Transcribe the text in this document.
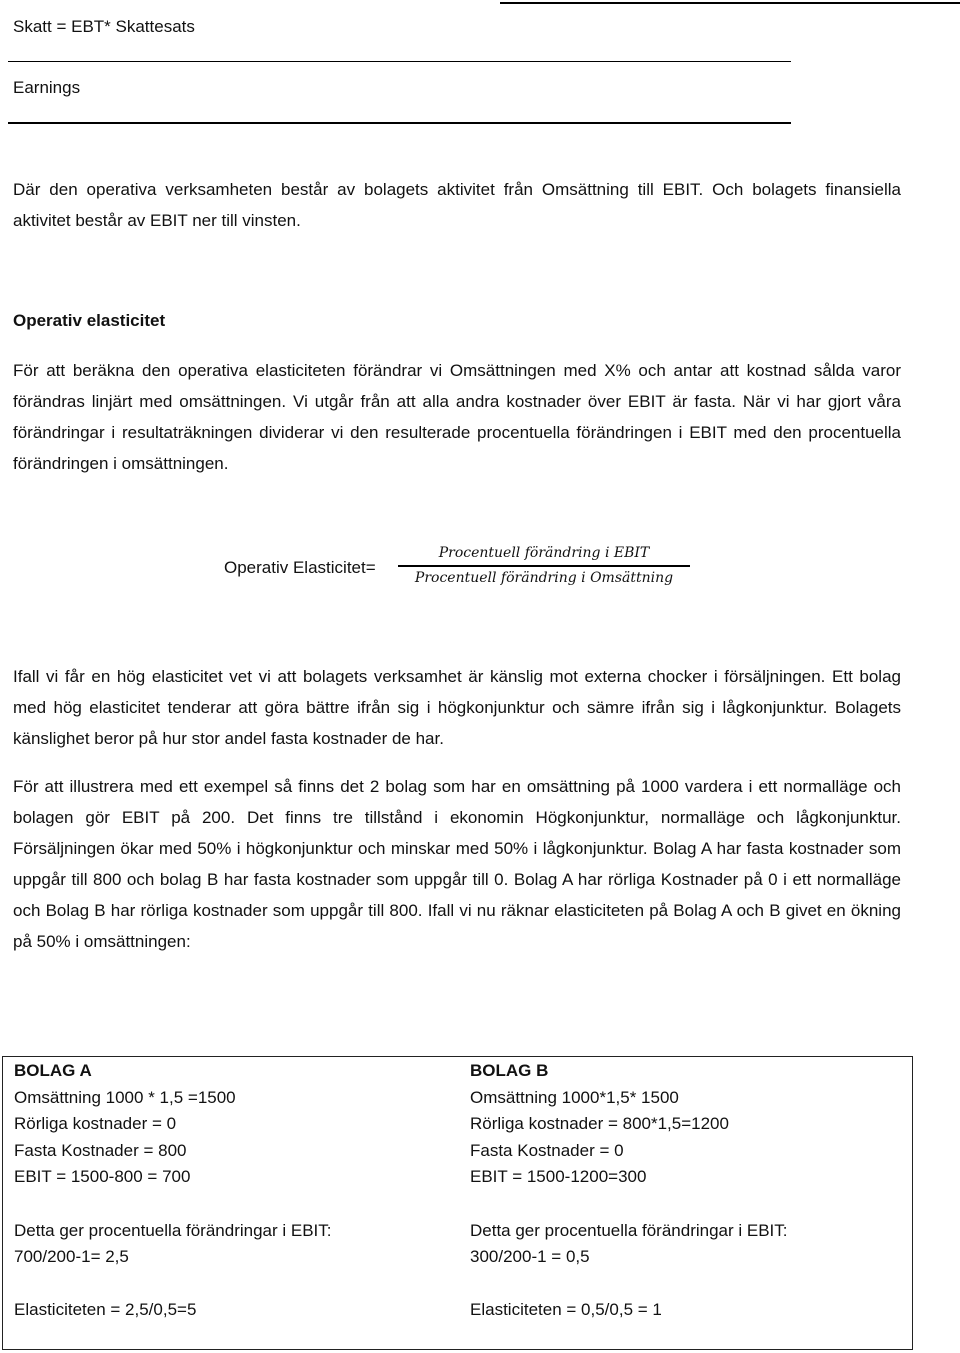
Skatt = EBT* Skattesats
Earnings

Där den operativa verksamheten består av bolagets aktivitet från Omsättning till EBIT. Och bolagets finansiella aktivitet består av EBIT ner till vinsten.

Operativ elasticitet

För att beräkna den operativa elasticiteten förändrar vi Omsättningen med X% och antar att kostnad sålda varor förändras linjärt med omsättningen. Vi utgår från att alla andra kostnader över EBIT är fasta. När vi har gjort våra förändringar i resultaträkningen dividerar vi den resulterade procentuella förändringen i EBIT med den procentuella förändringen i omsättningen.

Operativ Elasticitet=
Procentuell förändring i EBIT
Procentuell förändring i Omsättning

Ifall vi får en hög elasticitet vet vi att bolagets verksamhet är känslig mot externa chocker i försäljningen. Ett bolag med hög elasticitet tenderar att göra bättre ifrån sig i högkonjunktur och sämre ifrån sig i lågkonjunktur. Bolagets känslighet beror på hur stor andel fasta kostnader de har.

För att illustrera med ett exempel så finns det 2 bolag som har en omsättning på 1000 vardera i ett normalläge och bolagen gör EBIT på 200. Det finns tre tillstånd i ekonomin Högkonjunktur, normalläge och lågkonjunktur. Försäljningen ökar med 50% i högkonjunktur och minskar med 50% i lågkonjunktur. Bolag A har fasta kostnader som uppgår till 800 och bolag B har fasta kostnader som uppgår till 0. Bolag A har rörliga Kostnader på 0 i ett normalläge och Bolag B har rörliga kostnader som uppgår till 800. Ifall vi nu räknar elasticiteten på Bolag A och B givet en ökning på 50% i omsättningen:

BOLAG A
Omsättning 1000 * 1,5 =1500
Rörliga kostnader = 0
Fasta Kostnader = 800
EBIT = 1500-800 = 700
Detta ger procentuella förändringar i EBIT:
700/200-1= 2,5
Elasticiteten = 2,5/0,5=5
BOLAG B
Omsättning 1000*1,5* 1500
Rörliga kostnader = 800*1,5=1200
Fasta Kostnader = 0
EBIT = 1500-1200=300
Detta ger procentuella förändringar i EBIT:
300/200-1 = 0,5
Elasticiteten = 0,5/0,5 = 1
